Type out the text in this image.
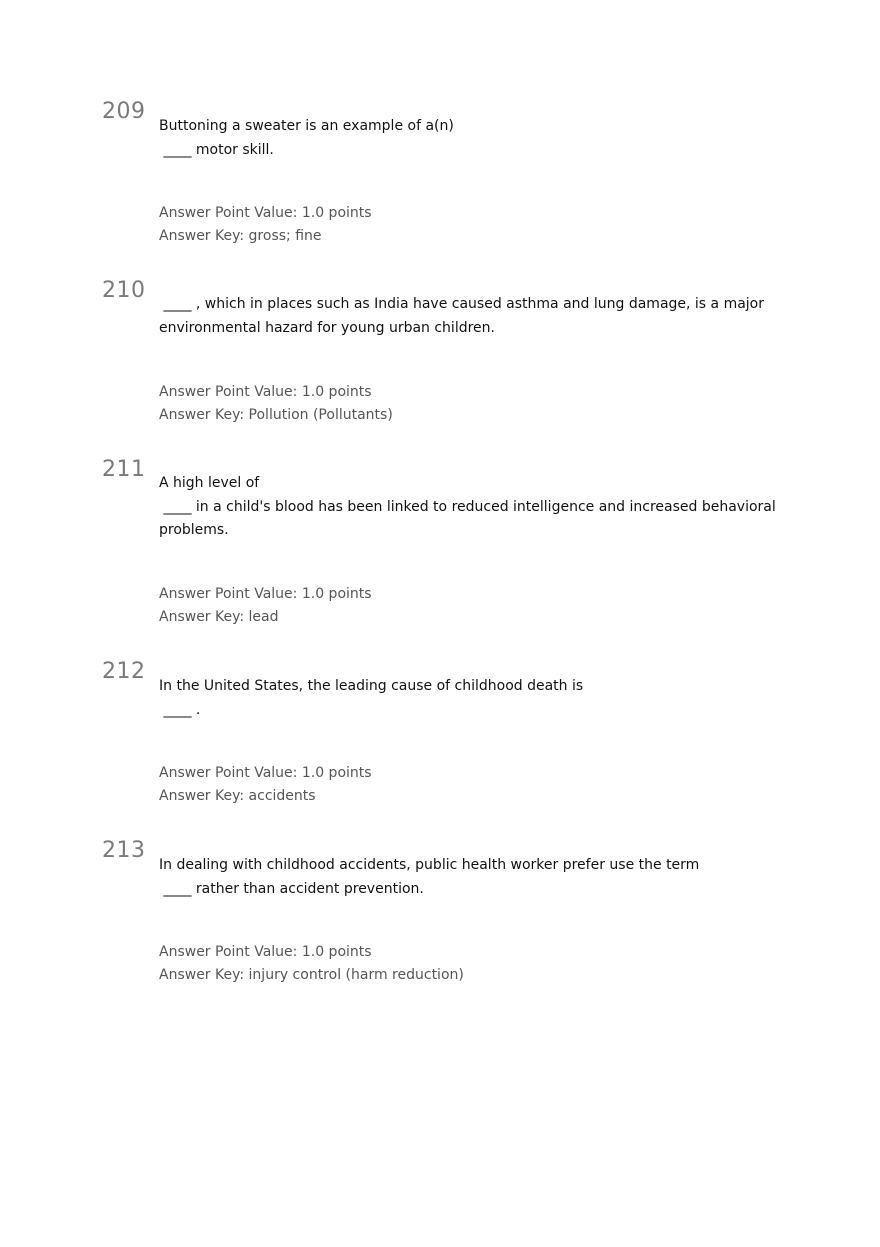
209
Buttoning a sweater is an example of a(n)
____ motor skill.
Answer Point Value: 1.0 points
Answer Key: gross; fine
210
____ , which in places such as India have caused asthma and lung damage, is a major
environmental hazard for young urban children.
Answer Point Value: 1.0 points
Answer Key: Pollution (Pollutants)
211
A high level of
____ in a child's blood has been linked to reduced intelligence and increased behavioral
problems.
Answer Point Value: 1.0 points
Answer Key: lead
212
In the United States, the leading cause of childhood death is
____ .
Answer Point Value: 1.0 points
Answer Key: accidents
213
In dealing with childhood accidents, public health worker prefer use the term
____ rather than accident prevention.
Answer Point Value: 1.0 points
Answer Key: injury control (harm reduction)
